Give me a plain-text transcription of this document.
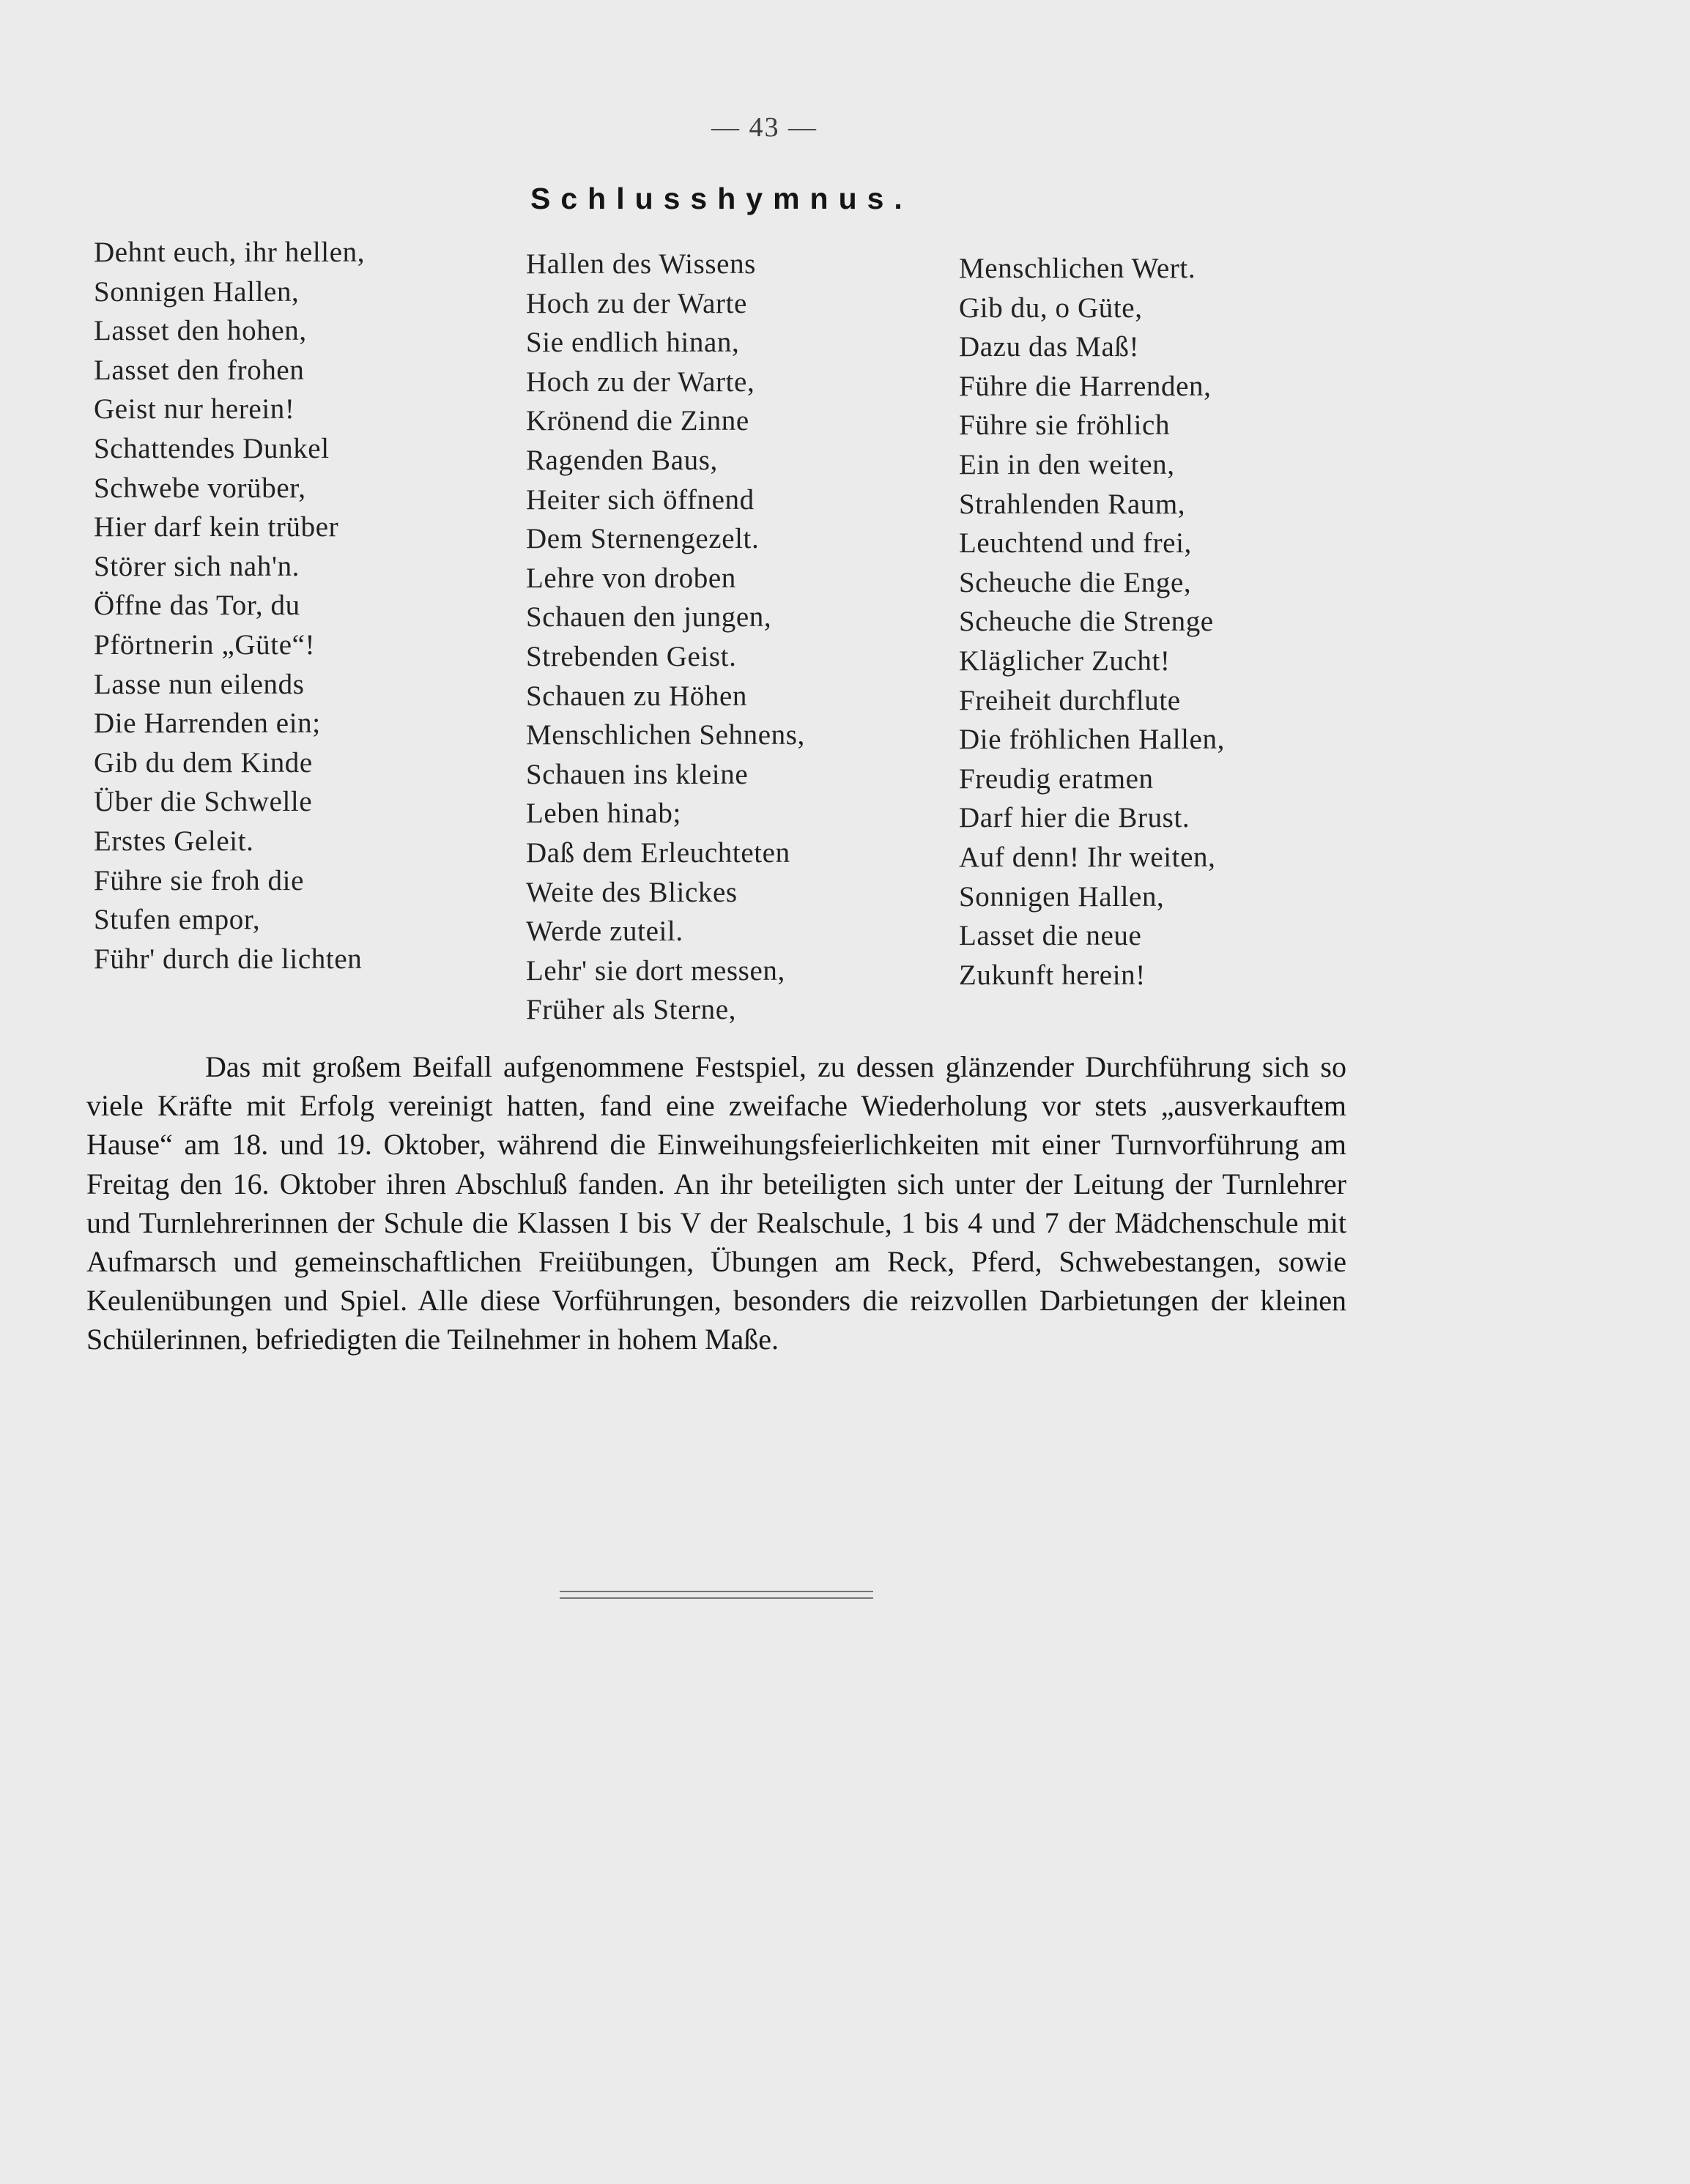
— 43 —
Schlusshymnus.
Dehnt euch, ihr hellen,
Sonnigen Hallen,
Lasset den hohen,
Lasset den frohen
Geist nur herein!
Schattendes Dunkel
Schwebe vorüber,
Hier darf kein trüber
Störer sich nah'n.
Öffne das Tor, du
Pförtnerin „Güte“!
Lasse nun eilends
Die Harrenden ein;
Gib du dem Kinde
Über die Schwelle
Erstes Geleit.
Führe sie froh die
Stufen empor,
Führ' durch die lichten
Hallen des Wissens
Hoch zu der Warte
Sie endlich hinan,
Hoch zu der Warte,
Krönend die Zinne
Ragenden Baus,
Heiter sich öffnend
Dem Sternengezelt.
Lehre von droben
Schauen den jungen,
Strebenden Geist.
Schauen zu Höhen
Menschlichen Sehnens,
Schauen ins kleine
Leben hinab;
Daß dem Erleuchteten
Weite des Blickes
Werde zuteil.
Lehr' sie dort messen,
Früher als Sterne,
Menschlichen Wert.
Gib du, o Güte,
Dazu das Maß!
Führe die Harrenden,
Führe sie fröhlich
Ein in den weiten,
Strahlenden Raum,
Leuchtend und frei,
Scheuche die Enge,
Scheuche die Strenge
Kläglicher Zucht!
Freiheit durchflute
Die fröhlichen Hallen,
Freudig eratmen
Darf hier die Brust.
Auf denn! Ihr weiten,
Sonnigen Hallen,
Lasset die neue
Zukunft herein!

Das mit großem Beifall aufgenommene Festspiel, zu dessen glänzender Durchführung sich so viele Kräfte mit Erfolg vereinigt hatten, fand eine zweifache Wiederholung vor stets „ausverkauftem Hause“ am 18. und 19. Oktober, während die Einweihungsfeierlichkeiten mit einer Turnvorführung am Freitag den 16. Oktober ihren Abschluß fanden. An ihr beteiligten sich unter der Leitung der Turnlehrer und Turnlehrerinnen der Schule die Klassen I bis V der Realschule, 1 bis 4 und 7 der Mädchenschule mit Aufmarsch und gemeinschaftlichen Freiübungen, Übungen am Reck, Pferd, Schwebestangen, sowie Keulenübungen und Spiel. Alle diese Vorführungen, besonders die reizvollen Darbietungen der kleinen Schülerinnen, befriedigten die Teilnehmer in hohem Maße.
